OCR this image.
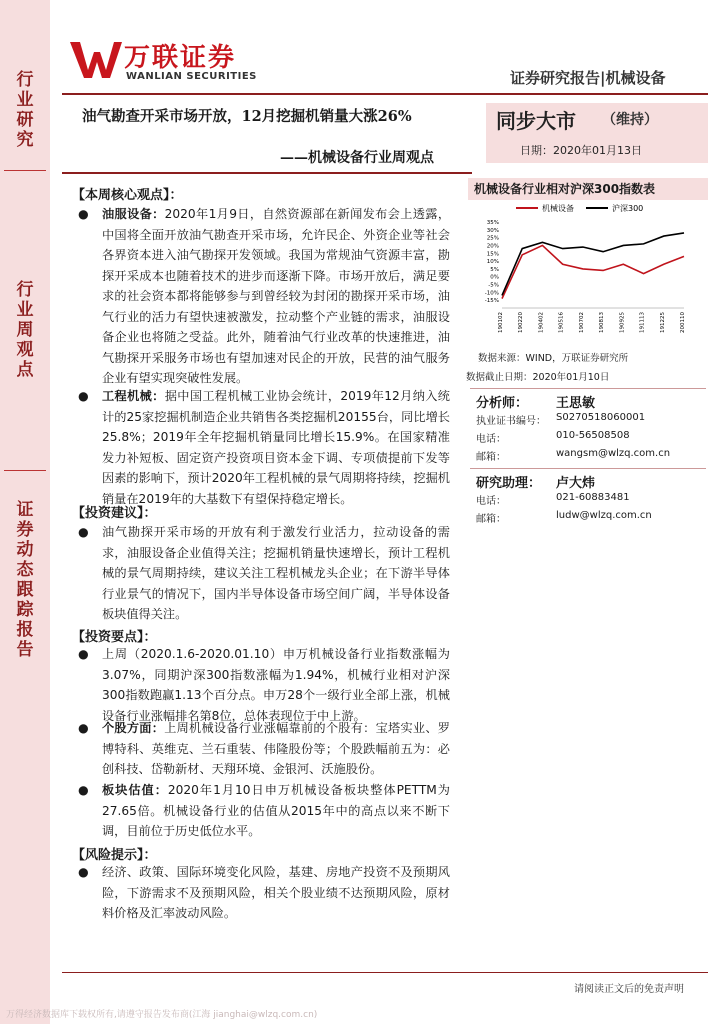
行
业
研
究
行
业
周
观
点
证
券
动
态
跟
踪
报
告
万联证券
WANLIAN SECURITIES	证券研究报告|机械设备
油气勘查开采市场开放，12月挖掘机销量大涨26%
——机械设备行业周观点
同步大市 （维持）
日期：2020年01月13日
【本周核心观点】：
● 油服设备：2020年1月9日，自然资源部在新闻发布会上透露，中国将全面开放油气勘查开采市场，允许民企、外资企业等社会各界资本进入油气勘探开发领域。我国为常规油气资源丰富，勘探开采成本也随着技术的进步而逐渐下降。市场开放后，满足要求的社会资本都将能够参与到曾经较为封闭的勘探开采市场，油气行业的活力有望快速被激发，拉动整个产业链的需求，油服设备企业也将随之受益。此外，随着油气行业改革的快速推进，油气勘探开采服务市场也有望加速对民企的开放，民营的油气服务企业有望实现突破性发展。
● 工程机械：据中国工程机械工业协会统计，2019年12月纳入统计的25家挖掘机制造企业共销售各类挖掘机20155台，同比增长25.8%；2019年全年挖掘机销量同比增长15.9%。在国家精准发力补短板、固定资产投资项目资本金下调、专项债提前下发等因素的影响下，预计2020年工程机械的景气周期将持续，挖掘机销量在2019年的大基数下有望保持稳定增长。
【投资建议】：
● 油气勘探开采市场的开放有利于激发行业活力，拉动设备的需求，油服设备企业值得关注；挖掘机销量快速增长，预计工程机械的景气周期持续，建议关注工程机械龙头企业；在下游半导体行业景气的情况下，国内半导体设备市场空间广阔，半导体设备板块值得关注。
【投资要点】：
● 上周（2020.1.6-2020.01.10）申万机械设备行业指数涨幅为3.07%，同期沪深300指数涨幅为1.94%，机械行业相对沪深300指数跑赢1.13个百分点。申万28个一级行业全部上涨，机械设备行业涨幅排名第8位，总体表现位于中上游。
● 个股方面：上周机械设备行业涨幅靠前的个股有：宝塔实业、罗博特科、英维克、兰石重装、伟隆股份等；个股跌幅前五为：必创科技、岱勒新材、天翔环境、金银河、沃施股份。
● 板块估值：2020年1月10日申万机械设备板块整体PETTM为27.65倍。机械设备行业的估值从2015年中的高点以来不断下调，目前位于历史低位水平。
【风险提示】：
● 经济、政策、国际环境变化风险，基建、房地产投资不及预期风险，下游需求不及预期风险，相关个股业绩不达预期风险，原材料价格及汇率波动风险。
机械设备行业相对沪深300指数表
机械设备	沪深300
35%
30%
25%
20%
15%
10%
5%
0%
-5%
-10%
-15%
190102	190220	190402	190516	190702	190813	190925	191113	191225	200110
数据来源：WIND，万联证券研究所
数据截止日期：2020年01月10日
分析师： 王思敏
执业证书编号： S0270518060001
电话：	010-56508508
邮箱：	wangsm@wlzq.com.cn
研究助理： 卢大炜
电话：	021-60883481
邮箱：	ludw@wlzq.com.cn
请阅读正文后的免责声明
万得经济数据库下载权所有,请遵守报告发布商(江海 jianghai@wlzq.com.cn)
